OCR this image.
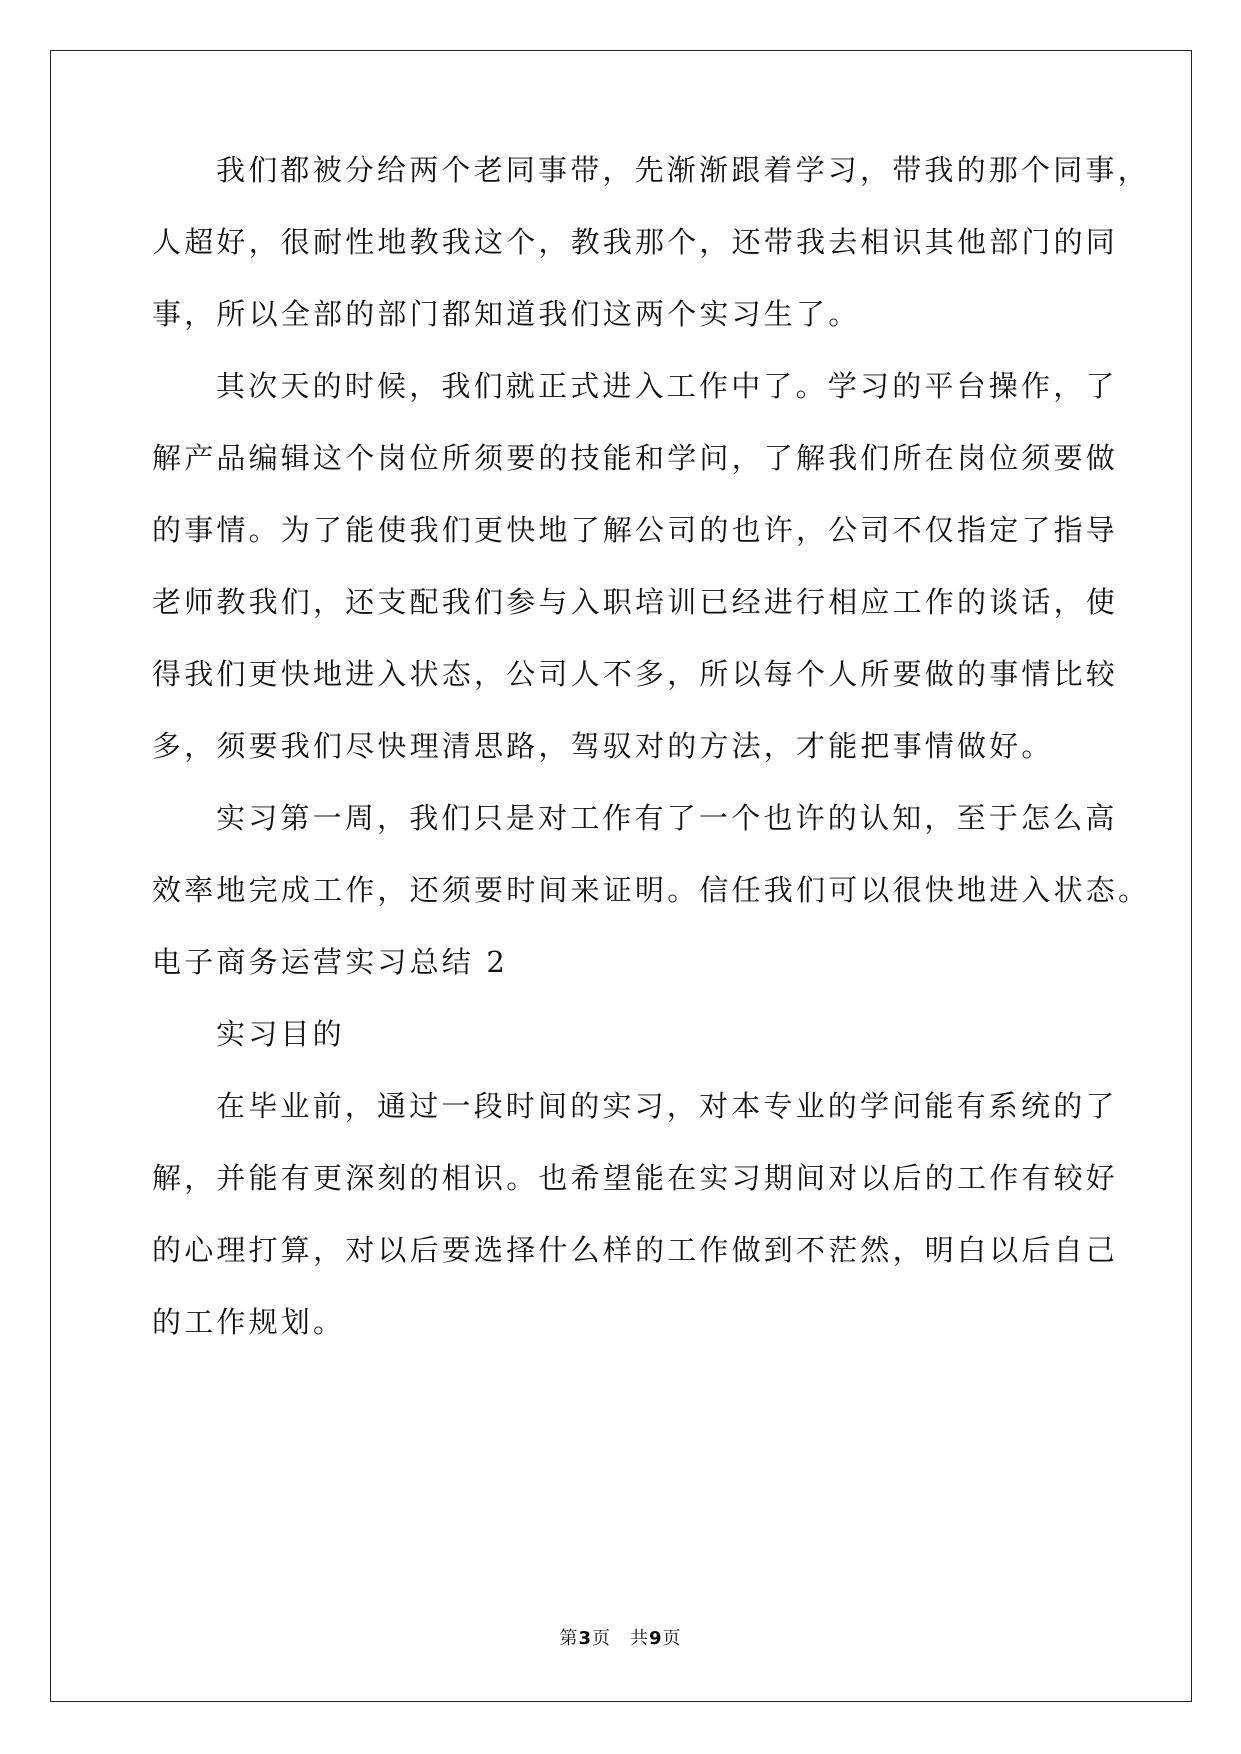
我们都被分给两个老同事带，先渐渐跟着学习，带我的那个同事，
人超好，很耐性地教我这个，教我那个，还带我去相识其他部门的同
事，所以全部的部门都知道我们这两个实习生了。
其次天的时候，我们就正式进入工作中了。学习的平台操作，了
解产品编辑这个岗位所须要的技能和学问，了解我们所在岗位须要做
的事情。为了能使我们更快地了解公司的也许，公司不仅指定了指导
老师教我们，还支配我们参与入职培训已经进行相应工作的谈话，使
得我们更快地进入状态，公司人不多，所以每个人所要做的事情比较
多，须要我们尽快理清思路，驾驭对的方法，才能把事情做好。
实习第一周，我们只是对工作有了一个也许的认知，至于怎么高
效率地完成工作，还须要时间来证明。信任我们可以很快地进入状态。
电子商务运营实习总结 2
实习目的
在毕业前，通过一段时间的实习，对本专业的学问能有系统的了
解，并能有更深刻的相识。也希望能在实习期间对以后的工作有较好
的心理打算，对以后要选择什么样的工作做到不茫然，明白以后自己
的工作规划。
第3页　共9页
